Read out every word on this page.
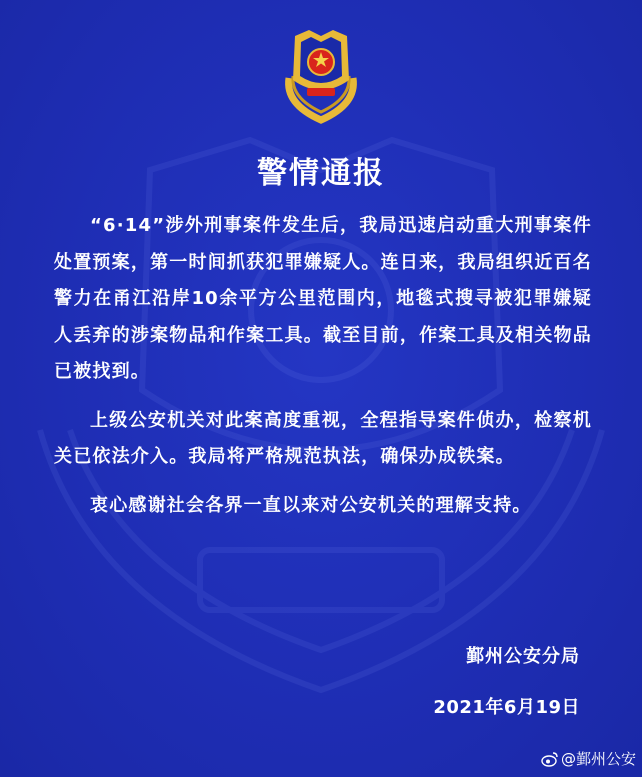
警情通报

“6·14”涉外刑事案件发生后，我局迅速启动重大刑事案件处置预案，第一时间抓获犯罪嫌疑人。连日来，我局组织近百名警力在甬江沿岸10余平方公里范围内，地毯式搜寻被犯罪嫌疑人丢弃的涉案物品和作案工具。截至目前，作案工具及相关物品已被找到。

上级公安机关对此案高度重视，全程指导案件侦办，检察机关已依法介入。我局将严格规范执法，确保办成铁案。

衷心感谢社会各界一直以来对公安机关的理解支持。

鄞州公安分局
2021年6月19日
@鄞州公安
